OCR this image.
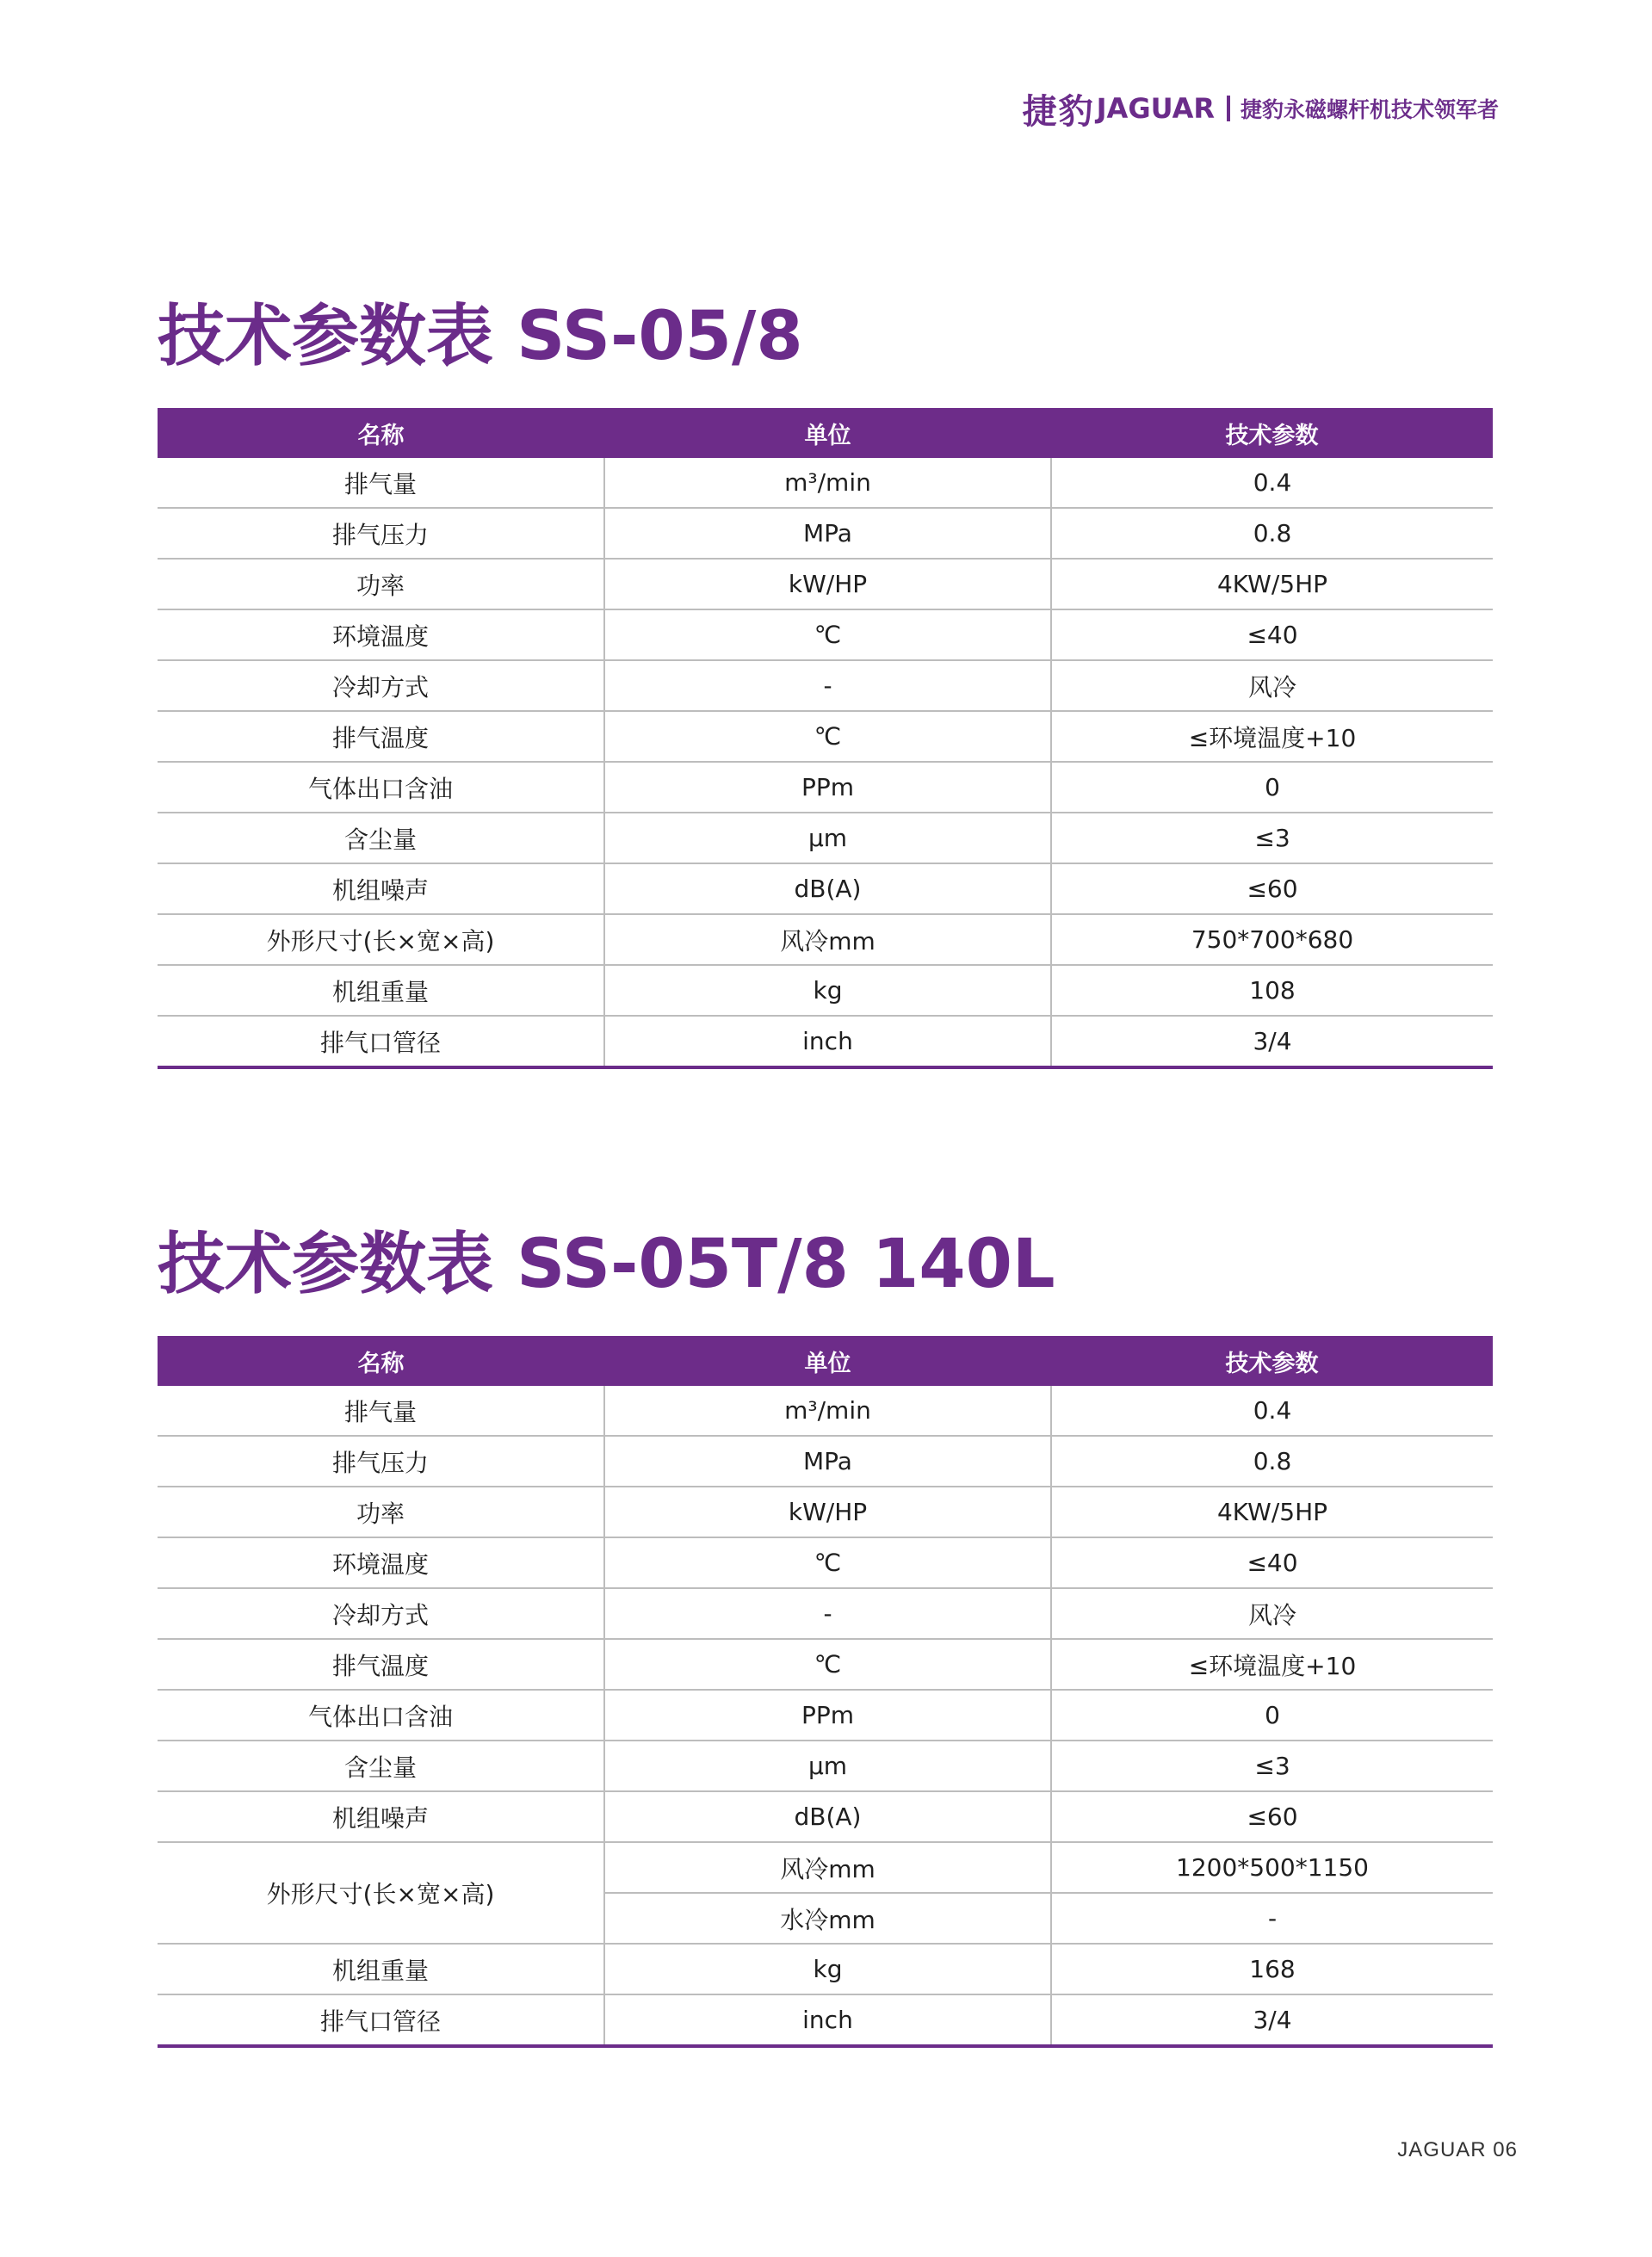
捷豹 JAGUAR 捷豹永磁螺杆机技术领军者
技术参数表 SS-05/8
名称	单位	技术参数
排气量	m³/min	0.4
排气压力	MPa	0.8
功率	kW/HP	4KW/5HP
环境温度	℃	≤40
冷却方式	-	风冷
排气温度	℃	≤环境温度+10
气体出口含油	PPm	0
含尘量	μm	≤3
机组噪声	dB(A)	≤60
外形尺寸(长×宽×高)	风冷mm	750*700*680
机组重量	kg	108
排气口管径	inch	3/4
技术参数表 SS-05T/8 140L
名称	单位	技术参数
排气量	m³/min	0.4
排气压力	MPa	0.8
功率	kW/HP	4KW/5HP
环境温度	℃	≤40
冷却方式	-	风冷
排气温度	℃	≤环境温度+10
气体出口含油	PPm	0
含尘量	μm	≤3
机组噪声	dB(A)	≤60
外形尺寸(长×宽×高)	风冷mm	1200*500*1150
	水冷mm	-
机组重量	kg	168
排气口管径	inch	3/4
JAGUAR 06
